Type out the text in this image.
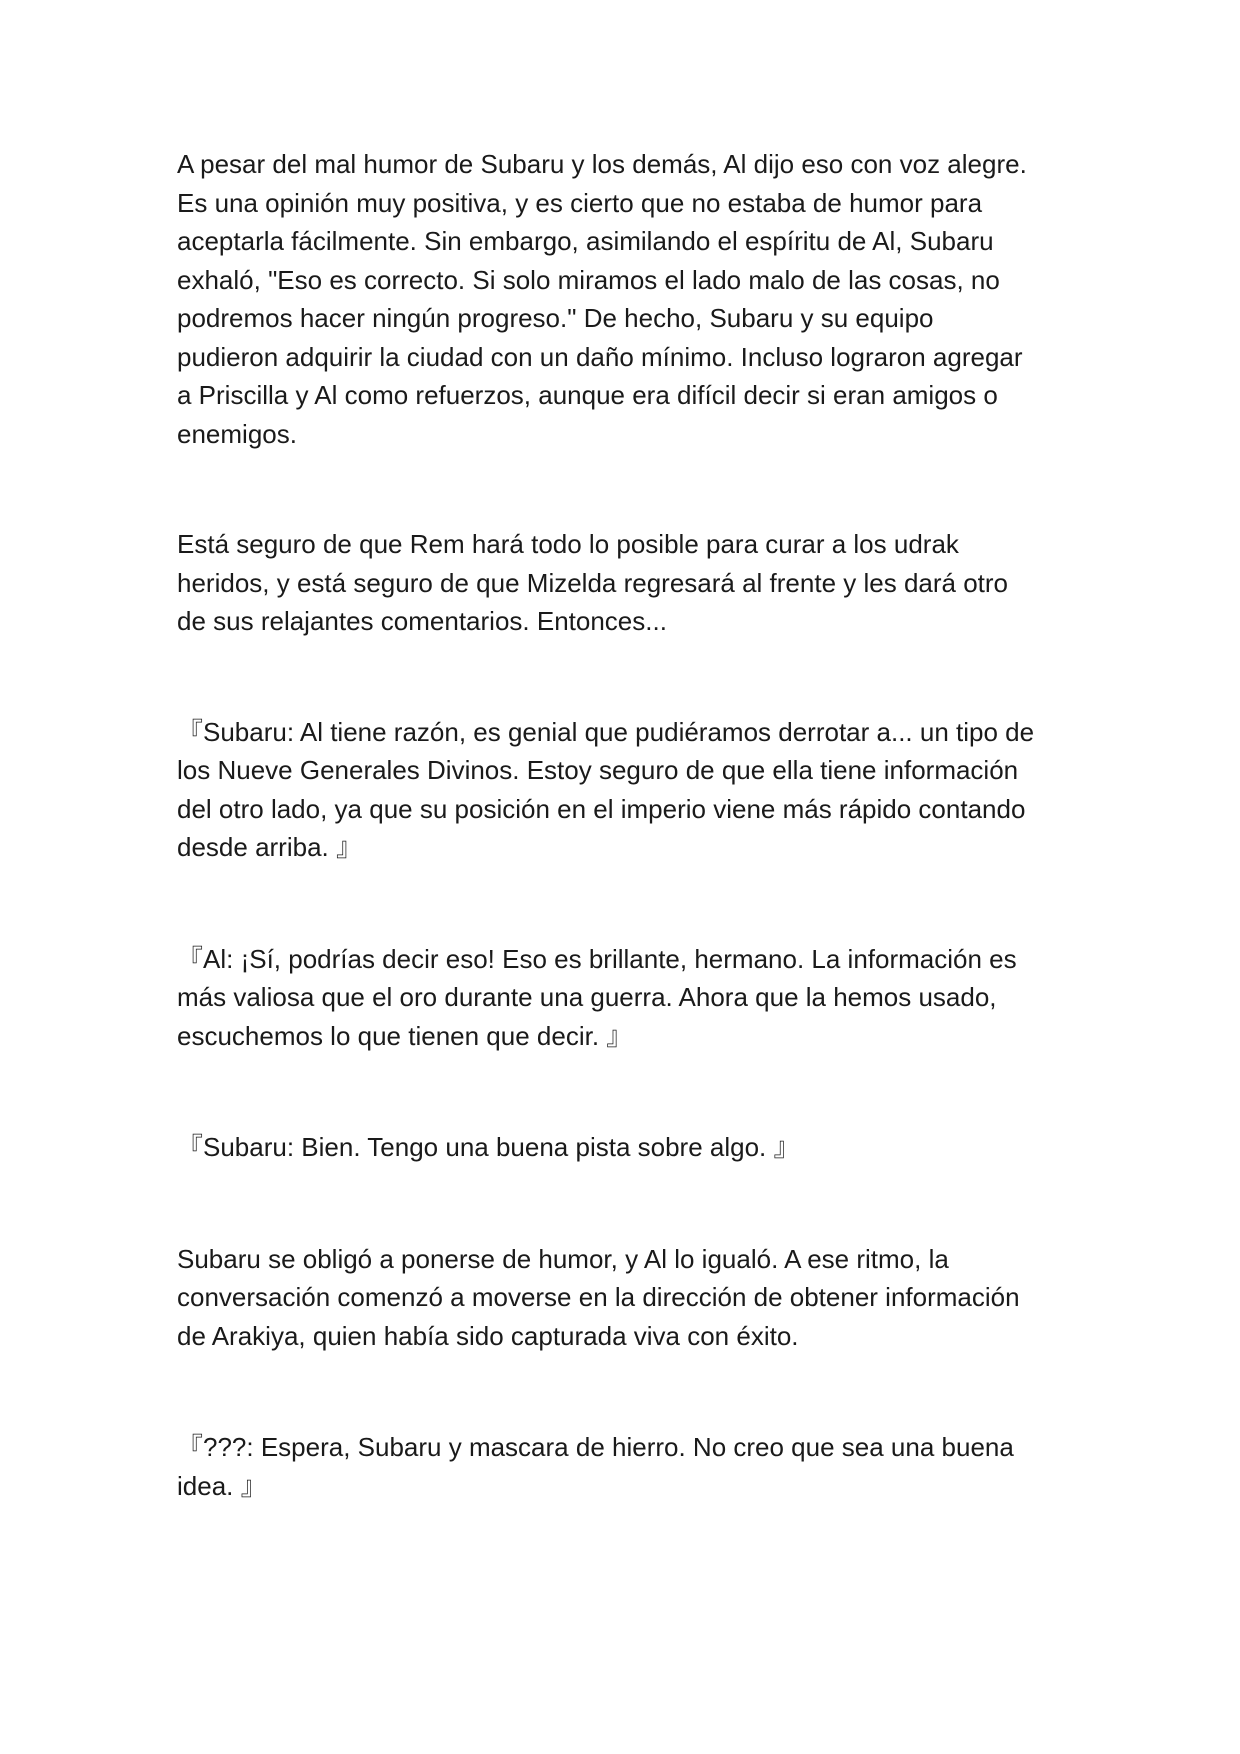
A pesar del mal humor de Subaru y los demás, Al dijo eso con voz alegre.
Es una opinión muy positiva, y es cierto que no estaba de humor para
aceptarla fácilmente. Sin embargo, asimilando el espíritu de Al, Subaru
exhaló, "Eso es correcto. Si solo miramos el lado malo de las cosas, no
podremos hacer ningún progreso." De hecho, Subaru y su equipo
pudieron adquirir la ciudad con un daño mínimo. Incluso lograron agregar
a Priscilla y Al como refuerzos, aunque era difícil decir si eran amigos o
enemigos.

Está seguro de que Rem hará todo lo posible para curar a los udrak
heridos, y está seguro de que Mizelda regresará al frente y les dará otro
de sus relajantes comentarios. Entonces...

『Subaru: Al tiene razón, es genial que pudiéramos derrotar a... un tipo de
los Nueve Generales Divinos. Estoy seguro de que ella tiene información
del otro lado, ya que su posición en el imperio viene más rápido contando
desde arriba. 』

『Al: ¡Sí, podrías decir eso! Eso es brillante, hermano. La información es
más valiosa que el oro durante una guerra. Ahora que la hemos usado,
escuchemos lo que tienen que decir. 』

『Subaru: Bien. Tengo una buena pista sobre algo. 』

Subaru se obligó a ponerse de humor, y Al lo igualó. A ese ritmo, la
conversación comenzó a moverse en la dirección de obtener información
de Arakiya, quien había sido capturada viva con éxito.

『???: Espera, Subaru y mascara de hierro. No creo que sea una buena
idea. 』
